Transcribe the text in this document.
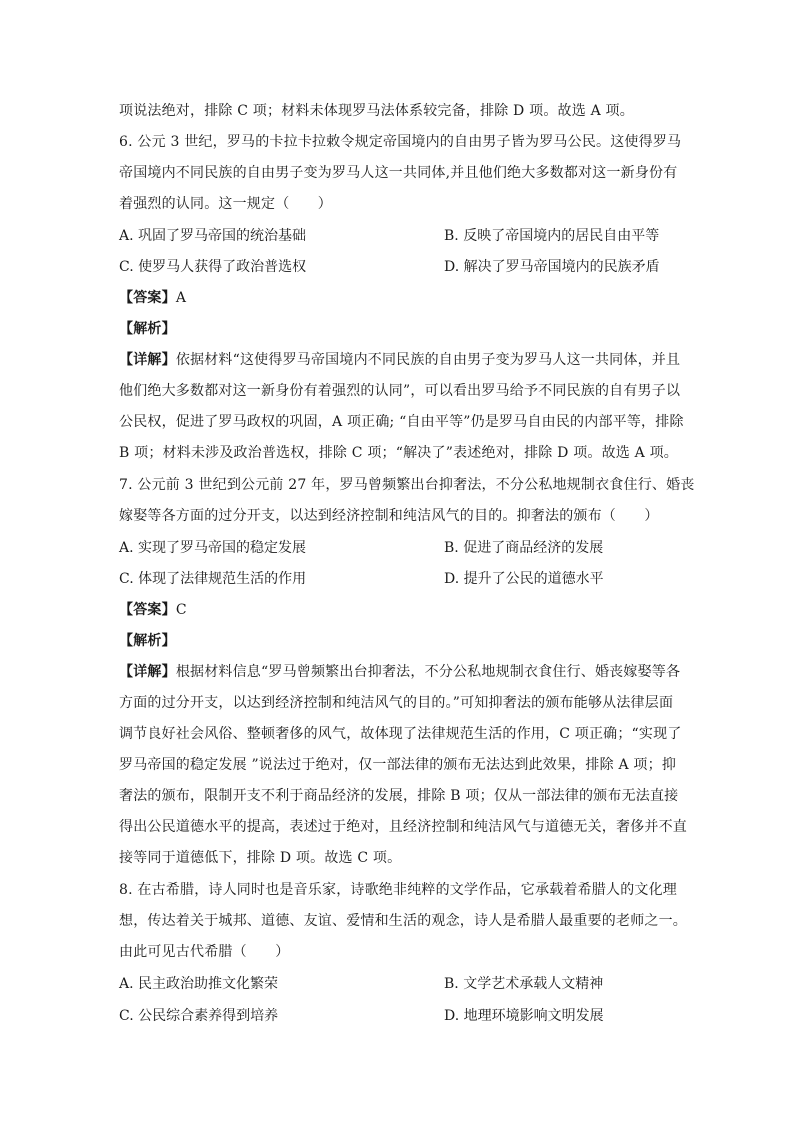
项说法绝对，排除 C 项；材料未体现罗马法体系较完备，排除 D 项。故选 A 项。
6. 公元 3 世纪，罗马的卡拉卡拉敕令规定帝国境内的自由男子皆为罗马公民。这使得罗马
帝国境内不同民族的自由男子变为罗马人这一共同体,并且他们绝大多数都对这一新身份有
着强烈的认同。这一规定（　　）
A. 巩固了罗马帝国的统治基础	B. 反映了帝国境内的居民自由平等
C. 使罗马人获得了政治普选权	D. 解决了罗马帝国境内的民族矛盾
【答案】A
【解析】
【详解】依据材料“这使得罗马帝国境内不同民族的自由男子变为罗马人这一共同体，并且
他们绝大多数都对这一新身份有着强烈的认同”，可以看出罗马给予不同民族的自有男子以
公民权，促进了罗马政权的巩固，A 项正确; “自由平等”仍是罗马自由民的内部平等，排除
B 项；材料未涉及政治普选权，排除 C 项；“解决了”表述绝对，排除 D 项。故选 A 项。
7. 公元前 3 世纪到公元前 27 年，罗马曾频繁出台抑奢法，不分公私地规制衣食住行、婚丧
嫁娶等各方面的过分开支，以达到经济控制和纯洁风气的目的。抑奢法的颁布（　　）
A. 实现了罗马帝国的稳定发展	B. 促进了商品经济的发展
C. 体现了法律规范生活的作用	D. 提升了公民的道德水平
【答案】C
【解析】
【详解】根据材料信息“罗马曾频繁出台抑奢法，不分公私地规制衣食住行、婚丧嫁娶等各
方面的过分开支，以达到经济控制和纯洁风气的目的。”可知抑奢法的颁布能够从法律层面
调节良好社会风俗、整顿奢侈的风气，故体现了法律规范生活的作用，C 项正确；“实现了
罗马帝国的稳定发展 ”说法过于绝对，仅一部法律的颁布无法达到此效果，排除 A 项；抑
奢法的颁布，限制开支不利于商品经济的发展，排除 B 项；仅从一部法律的颁布无法直接
得出公民道德水平的提高，表述过于绝对，且经济控制和纯洁风气与道德无关，奢侈并不直
接等同于道德低下，排除 D 项。故选 C 项。
8. 在古希腊，诗人同时也是音乐家，诗歌绝非纯粹的文学作品，它承载着希腊人的文化理
想，传达着关于城邦、道德、友谊、爱情和生活的观念，诗人是希腊人最重要的老师之一。
由此可见古代希腊（　　）
A. 民主政治助推文化繁荣	B. 文学艺术承载人文精神
C. 公民综合素养得到培养	D. 地理环境影响文明发展
